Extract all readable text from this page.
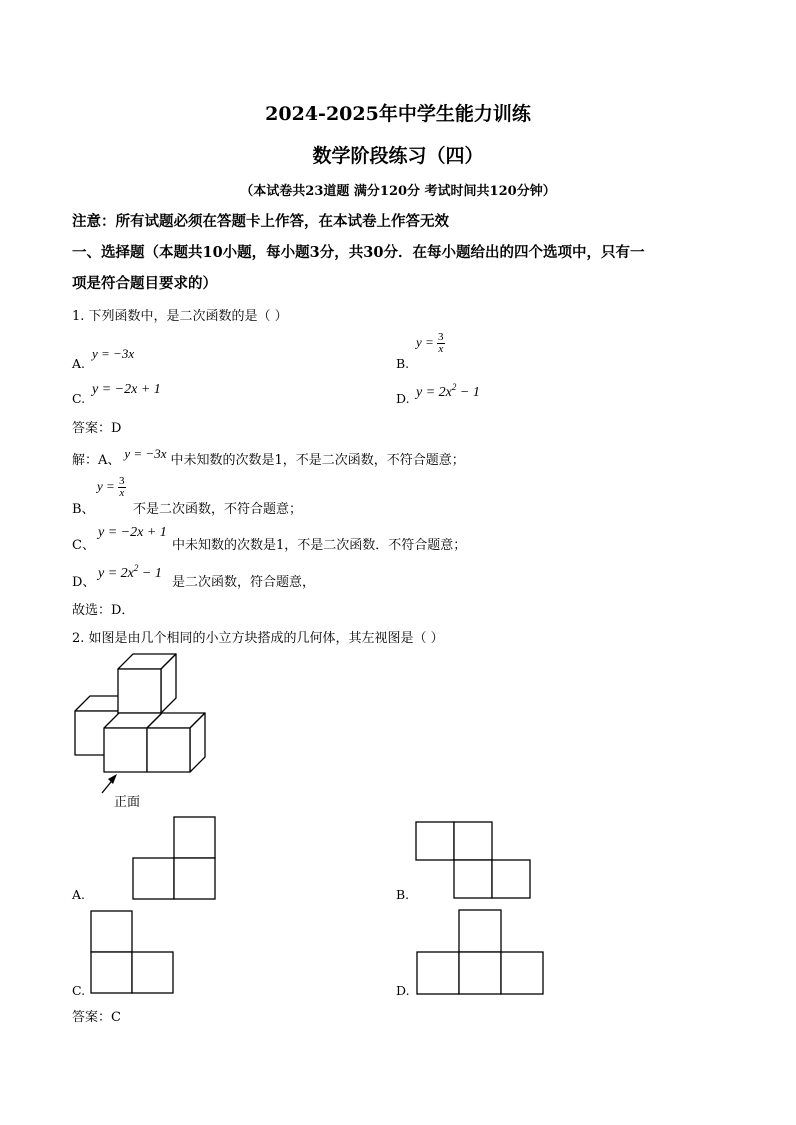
2024-2025年中学生能力训练
数学阶段练习（四）
（本试卷共23道题 满分120分 考试时间共120分钟）
注意：所有试题必须在答题卡上作答，在本试卷上作答无效
一、选择题（本题共10小题，每小题3分，共30分．在每小题给出的四个选项中，只有一
项是符合题目要求的）
1. 下列函数中，是二次函数的是（ ）
A.
y = −3x
B.
$y = \frac{3}{x}$
C.
y = −2x + 1
D. $y = 2x^2 - 1$
答案：D
解：A、 y = −3x 中未知数的次数是1，不是二次函数，不符合题意；
B、
$y = \frac{3}{x}$
不是二次函数，不符合题意；
C、
y = −2x + 1
中未知数的次数是1，不是二次函数．不符合题意；
D、
$y = 2x^2 - 1$
是二次函数，符合题意，
故选：D．
2. 如图是由几个相同的小立方块搭成的几何体，其左视图是（ ）
正面
A.	B.
C.	D.
答案：C
